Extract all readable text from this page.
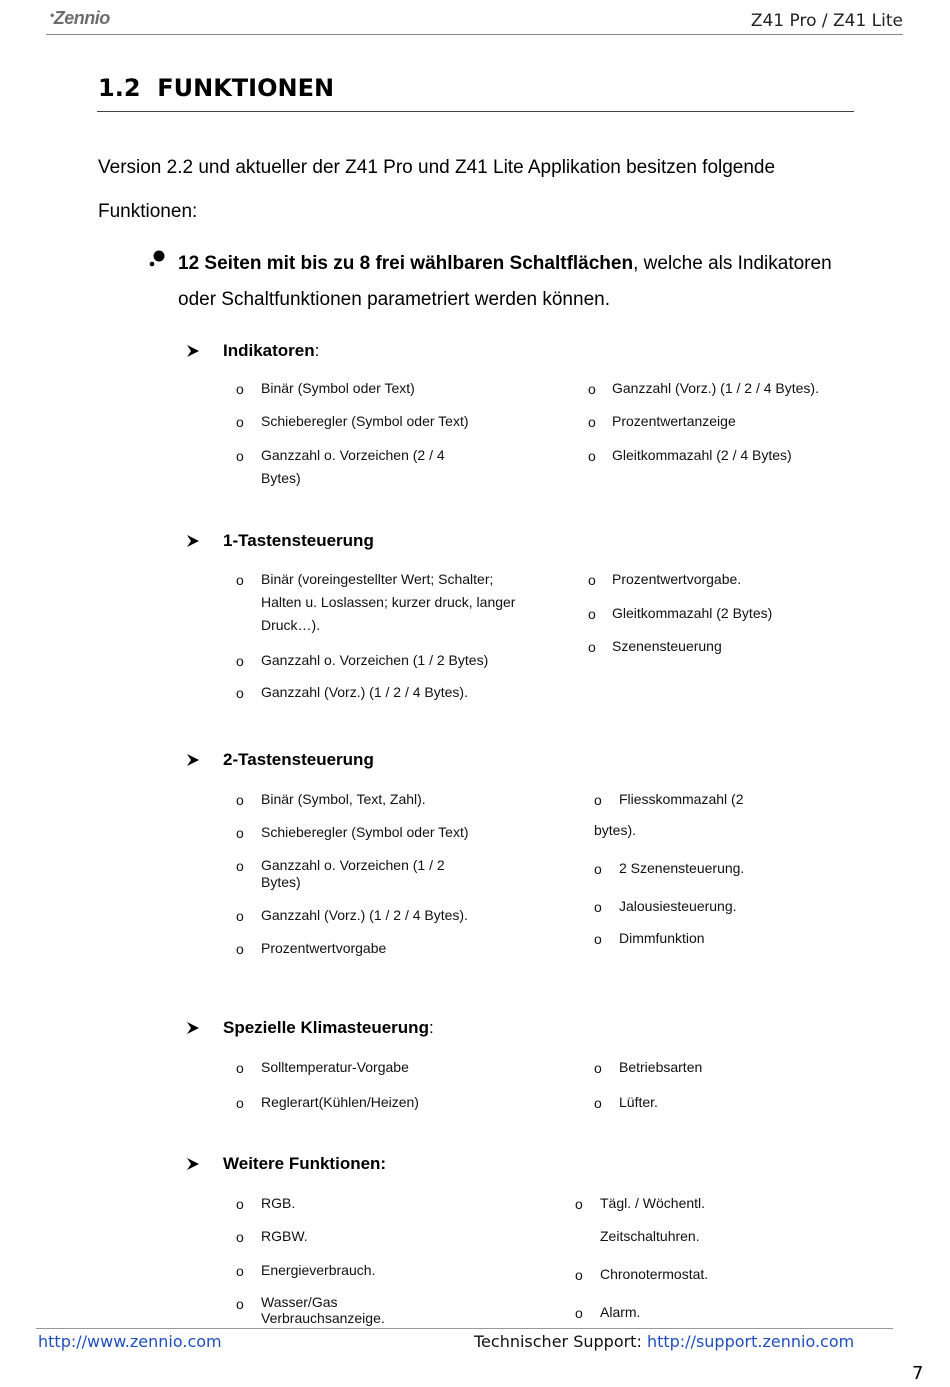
•Zennio	Z41 Pro / Z41 Lite
1.2  FUNKTIONEN
Version 2.2 und aktueller der Z41 Pro und Z41 Lite Applikation besitzen folgende Funktionen:
12 Seiten mit bis zu 8 frei wählbaren Schaltflächen, welche als Indikatoren oder Schaltfunktionen parametriert werden können.
Indikatoren:
o Binär (Symbol oder Text)
o Schieberegler (Symbol oder Text)
o Ganzzahl o. Vorzeichen (2 / 4 Bytes)
o Ganzzahl (Vorz.) (1 / 2 / 4 Bytes).
o Prozentwertanzeige
o Gleitkommazahl (2 / 4 Bytes)
1-Tastensteuerung
o Binär (voreingestellter Wert; Schalter; Halten u. Loslassen; kurzer druck, langer Druck…).
o Ganzzahl o. Vorzeichen (1 / 2 Bytes)
o Ganzzahl (Vorz.) (1 / 2 / 4 Bytes).
o Prozentwertvorgabe.
o Gleitkommazahl (2 Bytes)
o Szenensteuerung
2-Tastensteuerung
o Binär (Symbol, Text, Zahl).
o Schieberegler (Symbol oder Text)
o Ganzzahl o. Vorzeichen (1 / 2 Bytes)
o Ganzzahl (Vorz.) (1 / 2 / 4 Bytes).
o Prozentwertvorgabe
o Fliesskommazahl (2
bytes).
o 2 Szenensteuerung.
o Jalousiesteuerung.
o Dimmfunktion
Spezielle Klimasteuerung:
o Solltemperatur-Vorgabe
o Reglerart(Kühlen/Heizen)
o Betriebsarten
o Lüfter.
Weitere Funktionen:
o RGB.
o RGBW.
o Energieverbrauch.
o Wasser/Gas Verbrauchsanzeige.
o Tägl. / Wöchentl.
Zeitschaltuhren.
o Chronotermostat.
o Alarm.
http://www.zennio.com	Technischer Support: http://support.zennio.com
7
